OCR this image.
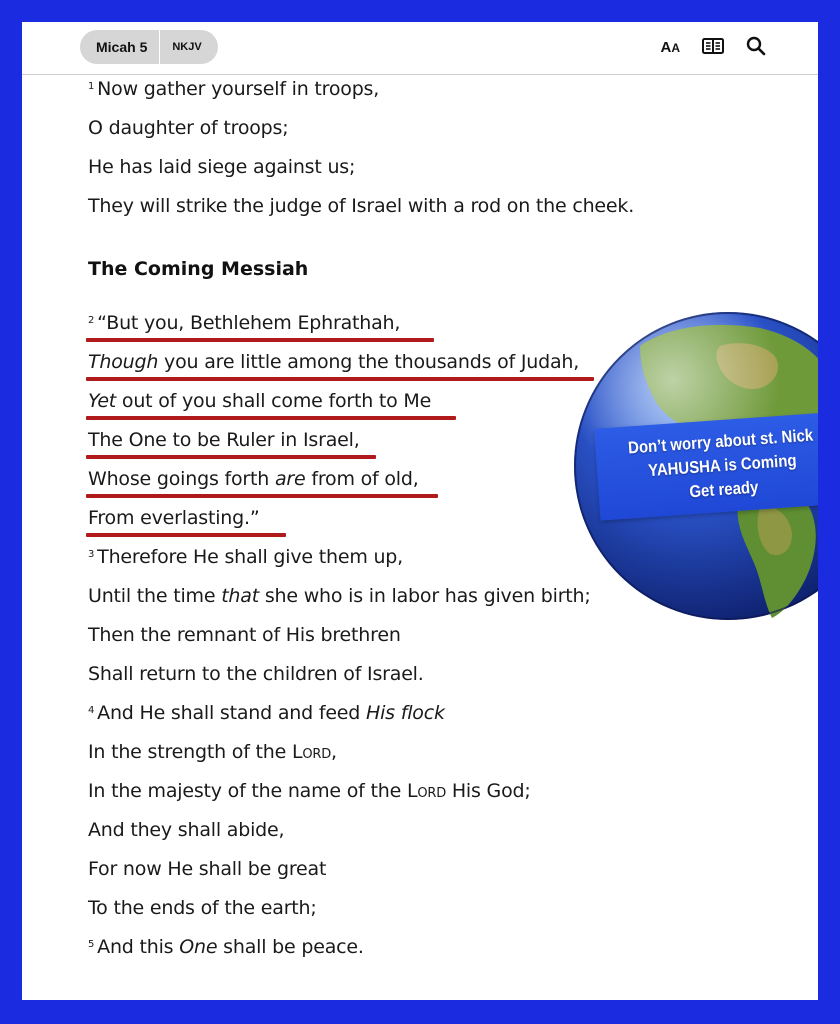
Micah 5	NKJV	AA
$^1$ Now gather yourself in troops,
O daughter of troops;
He has laid siege against us;
They will strike the judge of Israel with a rod on the cheek.
The Coming Messiah
$^2$ “But you, Bethlehem Ephrathah,
Though you are little among the thousands of Judah,
Yet out of you shall come forth to Me
The One to be Ruler in Israel,
Whose goings forth are from of old,
From everlasting.”
$^3$ Therefore He shall give them up,
Until the time that she who is in labor has given birth;
Then the remnant of His brethren
Shall return to the children of Israel.
$^4$ And He shall stand and feed His flock
In the strength of the Lord,
In the majesty of the name of the Lord His God;
And they shall abide,
For now He shall be great
To the ends of the earth;
$^5$ And this One shall be peace.
Don’t worry about st. Nick
YAHUSHA is Coming
Get ready
